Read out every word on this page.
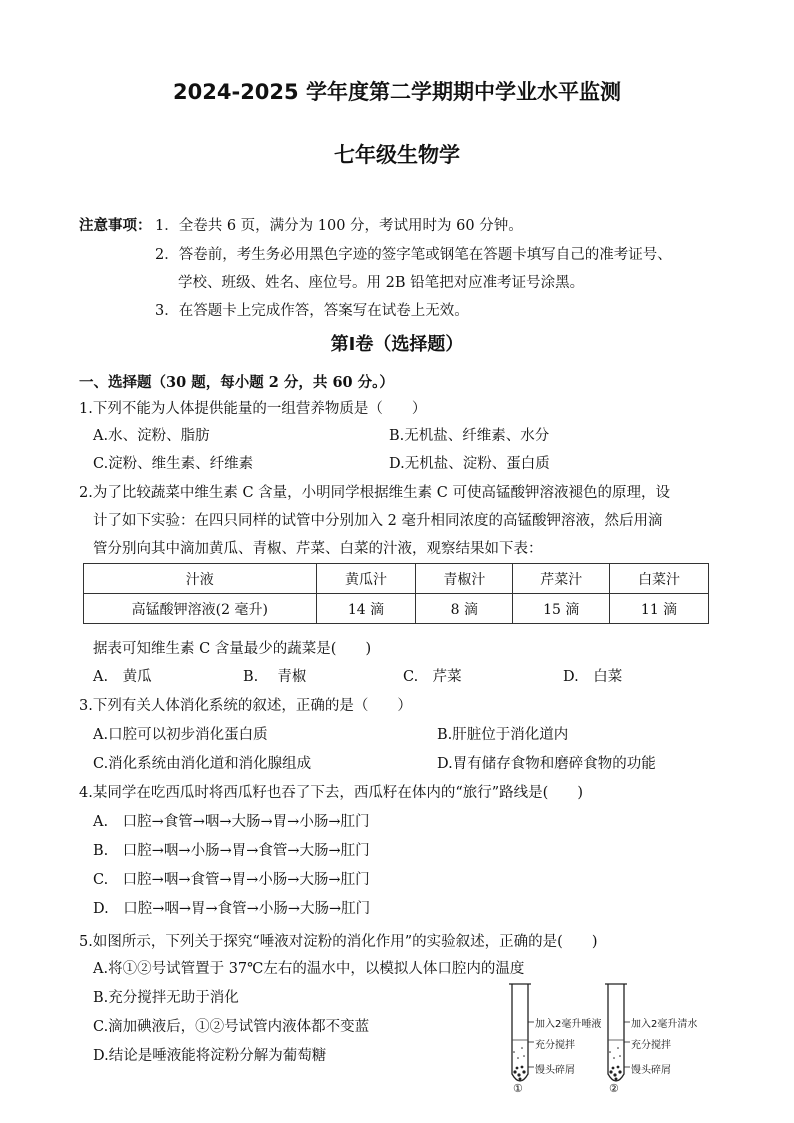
2024-2025 学年度第二学期期中学业水平监测
七年级生物学
注意事项： 1．全卷共 6 页，满分为 100 分，考试用时为 60 分钟。
2．答卷前，考生务必用黑色字迹的签字笔或钢笔在答题卡填写自己的准考证号、
学校、班级、姓名、座位号。用 2B 铅笔把对应准考证号涂黑。
3．在答题卡上完成作答，答案写在试卷上无效。
第Ⅰ卷（选择题）
一、选择题（30 题，每小题 2 分，共 60 分。）
1.下列不能为人体提供能量的一组营养物质是（　　）
A.水、淀粉、脂肪	B.无机盐、纤维素、水分
C.淀粉、维生素、纤维素	D.无机盐、淀粉、蛋白质
2.为了比较蔬菜中维生素 C 含量，小明同学根据维生素 C 可使高锰酸钾溶液褪色的原理，设
计了如下实验：在四只同样的试管中分别加入 2 毫升相同浓度的高锰酸钾溶液，然后用滴
管分别向其中滴加黄瓜、青椒、芹菜、白菜的汁液，观察结果如下表：
汁液	黄瓜汁	青椒汁	芹菜汁	白菜汁
高锰酸钾溶液(2 毫升)	14 滴	8 滴	15 滴	11 滴
据表可知维生素 C 含量最少的蔬菜是(　　)
A.　黄瓜	B.　 青椒	C.　芹菜	D.　白菜
3.下列有关人体消化系统的叙述，正确的是（　　）
A.口腔可以初步消化蛋白质	B.肝脏位于消化道内
C.消化系统由消化道和消化腺组成	D.胃有储存食物和磨碎食物的功能
4.某同学在吃西瓜时将西瓜籽也吞了下去，西瓜籽在体内的“旅行”路线是(　　)
A.　口腔→食管→咽→大肠→胃→小肠→肛门
B.　口腔→咽→小肠→胃→食管→大肠→肛门
C.　口腔→咽→食管→胃→小肠→大肠→肛门
D.　口腔→咽→胃→食管→小肠→大肠→肛门
5.如图所示，下列关于探究“唾液对淀粉的消化作用”的实验叙述，正确的是(　　)
A.将①②号试管置于 37℃左右的温水中，以模拟人体口腔内的温度
B.充分搅拌无助于消化
C.滴加碘液后，①②号试管内液体都不变蓝
D.结论是唾液能将淀粉分解为葡萄糖
加入2毫升唾液
充分搅拌
馒头碎屑
①
加入2毫升清水
充分搅拌
馒头碎屑
②
